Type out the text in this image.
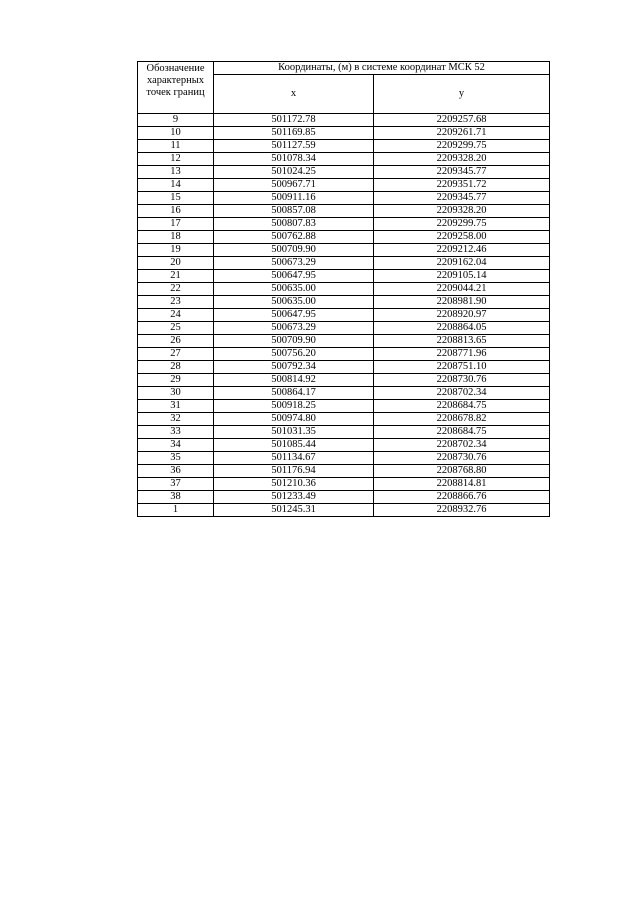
Обозначение характерных точек границ	Координаты, (м) в системе координат МСК 52	
	x	y
9	501172.78	2209257.68
10	501169.85	2209261.71
11	501127.59	2209299.75
12	501078.34	2209328.20
13	501024.25	2209345.77
14	500967.71	2209351.72
15	500911.16	2209345.77
16	500857.08	2209328.20
17	500807.83	2209299.75
18	500762.88	2209258.00
19	500709.90	2209212.46
20	500673.29	2209162.04
21	500647.95	2209105.14
22	500635.00	2209044.21
23	500635.00	2208981.90
24	500647.95	2208920.97
25	500673.29	2208864.05
26	500709.90	2208813.65
27	500756.20	2208771.96
28	500792.34	2208751.10
29	500814.92	2208730.76
30	500864.17	2208702.34
31	500918.25	2208684.75
32	500974.80	2208678.82
33	501031.35	2208684.75
34	501085.44	2208702.34
35	501134.67	2208730.76
36	501176.94	2208768.80
37	501210.36	2208814.81
38	501233.49	2208866.76
1	501245.31	2208932.76
